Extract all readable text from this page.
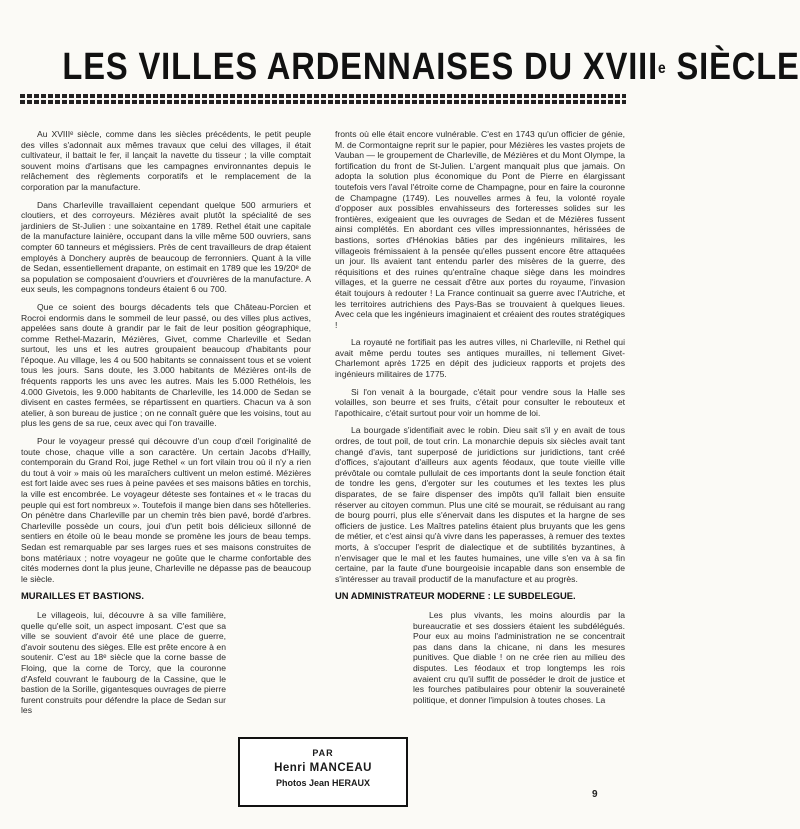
LES VILLES ARDENNAISES DU XVIIIe SIÈCLE

Au XVIIIᵉ siècle, comme dans les siècles précédents, le petit peuple des villes s'adonnait aux mêmes travaux que celui des villages, il était cultivateur, il battait le fer, il lançait la navette du tisseur ; la ville comptait souvent moins d'artisans que les campagnes environnantes depuis le relâchement des règlements corporatifs et le remplacement de la corporation par la manufacture.

Dans Charleville travaillaient cependant quelque 500 armuriers et cloutiers, et des corroyeurs. Mézières avait plutôt la spécialité de ses jardiniers de St-Julien : une soixantaine en 1789. Rethel était une capitale de la manufacture lainière, occupant dans la ville même 500 ouvriers, sans compter 60 tanneurs et mégissiers. Près de cent travailleurs de drap étaient employés à Donchery auprès de beaucoup de ferronniers. Quant à la ville de Sedan, essentiellement drapante, on estimait en 1789 que les 19/20ᵉ de sa population se composaient d'ouvriers et d'ouvrières de la manufacture. A eux seuls, les compagnons tondeurs étaient 6 ou 700.

Que ce soient des bourgs décadents tels que Château-Porcien et Rocroi endormis dans le sommeil de leur passé, ou des villes plus actives, appelées sans doute à grandir par le fait de leur position géographique, comme Rethel-Mazarin, Mézières, Givet, comme Charleville et Sedan surtout, les uns et les autres groupaient beaucoup d'habitants pour l'époque. Au village, les 4 ou 500 habitants se connaissent tous et se voient tous les jours. Sans doute, les 3.000 habitants de Mézières ont-ils de fréquents rapports les uns avec les autres. Mais les 5.000 Rethélois, les 4.000 Givetois, les 9.000 habitants de Charleville, les 14.000 de Sedan se divisent en castes fermées, se répartissent en quartiers. Chacun va à son atelier, à son bureau de justice ; on ne connaît guère que les voisins, tout au plus les gens de sa rue, ceux avec qui l'on travaille.

Pour le voyageur pressé qui découvre d'un coup d'œil l'originalité de toute chose, chaque ville a son caractère. Un certain Jacobs d'Hailly, contemporain du Grand Roi, juge Rethel « un fort vilain trou où il n'y a rien du tout à voir » mais où les maraîchers cultivent un melon estimé. Mézières est fort laide avec ses rues à peine pavées et ses maisons bâties en torchis, la ville est encombrée. Le voyageur déteste ses fontaines et « le tracas du peuple qui est fort nombreux ». Toutefois il mange bien dans ses hôtelleries. On pénètre dans Charleville par un chemin très bien pavé, bordé d'arbres. Charleville possède un cours, joui d'un petit bois délicieux sillonné de sentiers en étoile où le beau monde se promène les jours de beau temps. Sedan est remarquable par ses larges rues et ses maisons construites de bons matériaux ; notre voyageur ne goûte que le charme confortable des cités modernes dont la plus jeune, Charleville ne dépasse pas de beaucoup le siècle.

MURAILLES ET BASTIONS.

Le villageois, lui, découvre à sa ville familière, quelle qu'elle soit, un aspect imposant. C'est que sa ville se souvient d'avoir été une place de guerre, d'avoir soutenu des sièges. Elle est prête encore à en soutenir. C'est au 18ᵉ siècle que la corne basse de Floing, que la corne de Torcy, que la couronne d'Asfeld couvrant le faubourg de la Cassine, que le bastion de la Sorille, gigantesques ouvrages de pierre furent construits pour défendre la place de Sedan sur les

fronts où elle était encore vulnérable. C'est en 1743 qu'un officier de génie, M. de Cormontaigne reprit sur le papier, pour Mézières les vastes projets de Vauban — le groupement de Charleville, de Mézières et du Mont Olympe, la fortification du front de St-Julien. L'argent manquait plus que jamais. On adopta la solution plus économique du Pont de Pierre en élargissant toutefois vers l'aval l'étroite corne de Champagne, pour en faire la couronne de Champagne (1749). Les nouvelles armes à feu, la volonté royale d'opposer aux possibles envahisseurs des forteresses solides sur les frontières, exigeaient que les ouvrages de Sedan et de Mézières fussent ainsi complétés. En abordant ces villes impressionnantes, hérissées de bastions, sortes d'Hénokias bâties par des ingénieurs militaires, les villageois frémissaient à la pensée qu'elles pussent encore être attaquées un jour. Ils avaient tant entendu parler des misères de la guerre, des réquisitions et des ruines qu'entraîne chaque siège dans les moindres villages, et la guerre ne cessait d'être aux portes du royaume, l'invasion était toujours à redouter ! La France continuait sa guerre avec l'Autriche, et les territoires autrichiens des Pays-Bas se trouvaient à quelques lieues. Avec cela que les ingénieurs imaginaient et créaient des routes stratégiques !

La royauté ne fortifiait pas les autres villes, ni Charleville, ni Rethel qui avait même perdu toutes ses antiques murailles, ni tellement Givet-Charlemont après 1725 en dépit des judicieux rapports et projets des ingénieurs militaires de 1775.

Si l'on venait à la bourgade, c'était pour vendre sous la Halle ses volailles, son beurre et ses fruits, c'était pour consulter le rebouteux et l'apothicaire, c'était surtout pour voir un homme de loi.

La bourgade s'identifiait avec le robin. Dieu sait s'il y en avait de tous ordres, de tout poil, de tout crin. La monarchie depuis six siècles avait tant changé d'avis, tant superposé de juridictions sur juridictions, tant créé d'offices, s'ajoutant d'ailleurs aux agents féodaux, que toute vieille ville prévôtale ou comtale pullulait de ces importants dont la seule fonction était de tondre les gens, d'ergoter sur les coutumes et les textes les plus disparates, de se faire dispenser des impôts qu'il fallait bien ensuite réserver au citoyen commun. Plus une cité se mourait, se réduisant au rang de bourg pourri, plus elle s'énervait dans les disputes et la hargne de ses officiers de justice. Les Maîtres patelins étaient plus bruyants que les gens de métier, et c'est ainsi qu'à vivre dans les paperasses, à remuer des textes morts, à s'occuper l'esprit de dialectique et de subtilités byzantines, à n'envisager que le mal et les fautes humaines, une ville s'en va à sa fin certaine, par la faute d'une bourgeoisie incapable dans son ensemble de s'intéresser au travail productif de la manufacture et au progrès.

UN ADMINISTRATEUR MODERNE : LE SUBDELEGUE.

Les plus vivants, les moins alourdis par la bureaucratie et ses dossiers étaient les subdélégués. Pour eux au moins l'administration ne se concentrait pas dans dans la chicane, ni dans les mesures punitives. Que diable ! on ne crée rien au milieu des disputes. Les féodaux et trop longtemps les rois avaient cru qu'il suffit de posséder le droit de justice et les fourches patibulaires pour obtenir la souveraineté politique, et donner l'impulsion à toutes choses. La

PAR
Henri MANCEAU
Photos Jean HERAUX
9
